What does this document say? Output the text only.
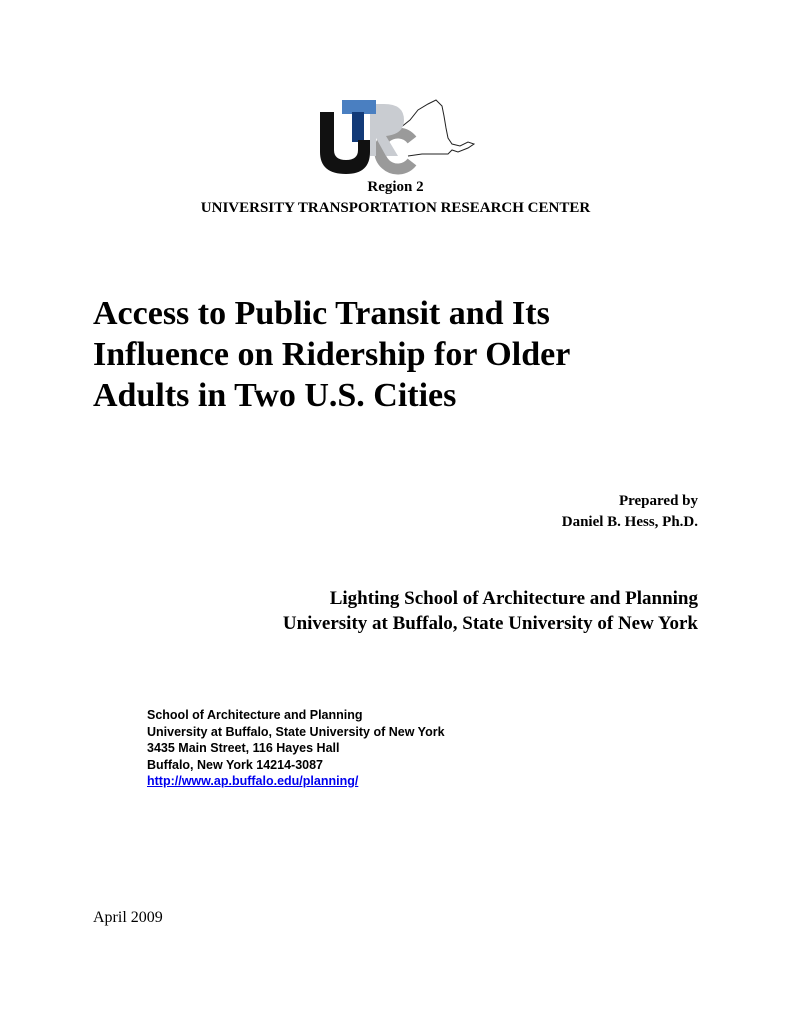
Region 2
UNIVERSITY TRANSPORTATION RESEARCH CENTER
Access to Public Transit and Its
Influence on Ridership for Older
Adults in Two U.S. Cities
Prepared by
Daniel B. Hess, Ph.D.
Lighting School of Architecture and Planning
University at Buffalo, State University of New York
School of Architecture and Planning
University at Buffalo, State University of New York
3435 Main Street, 116 Hayes Hall
Buffalo, New York 14214-3087
http://www.ap.buffalo.edu/planning/
April 2009
